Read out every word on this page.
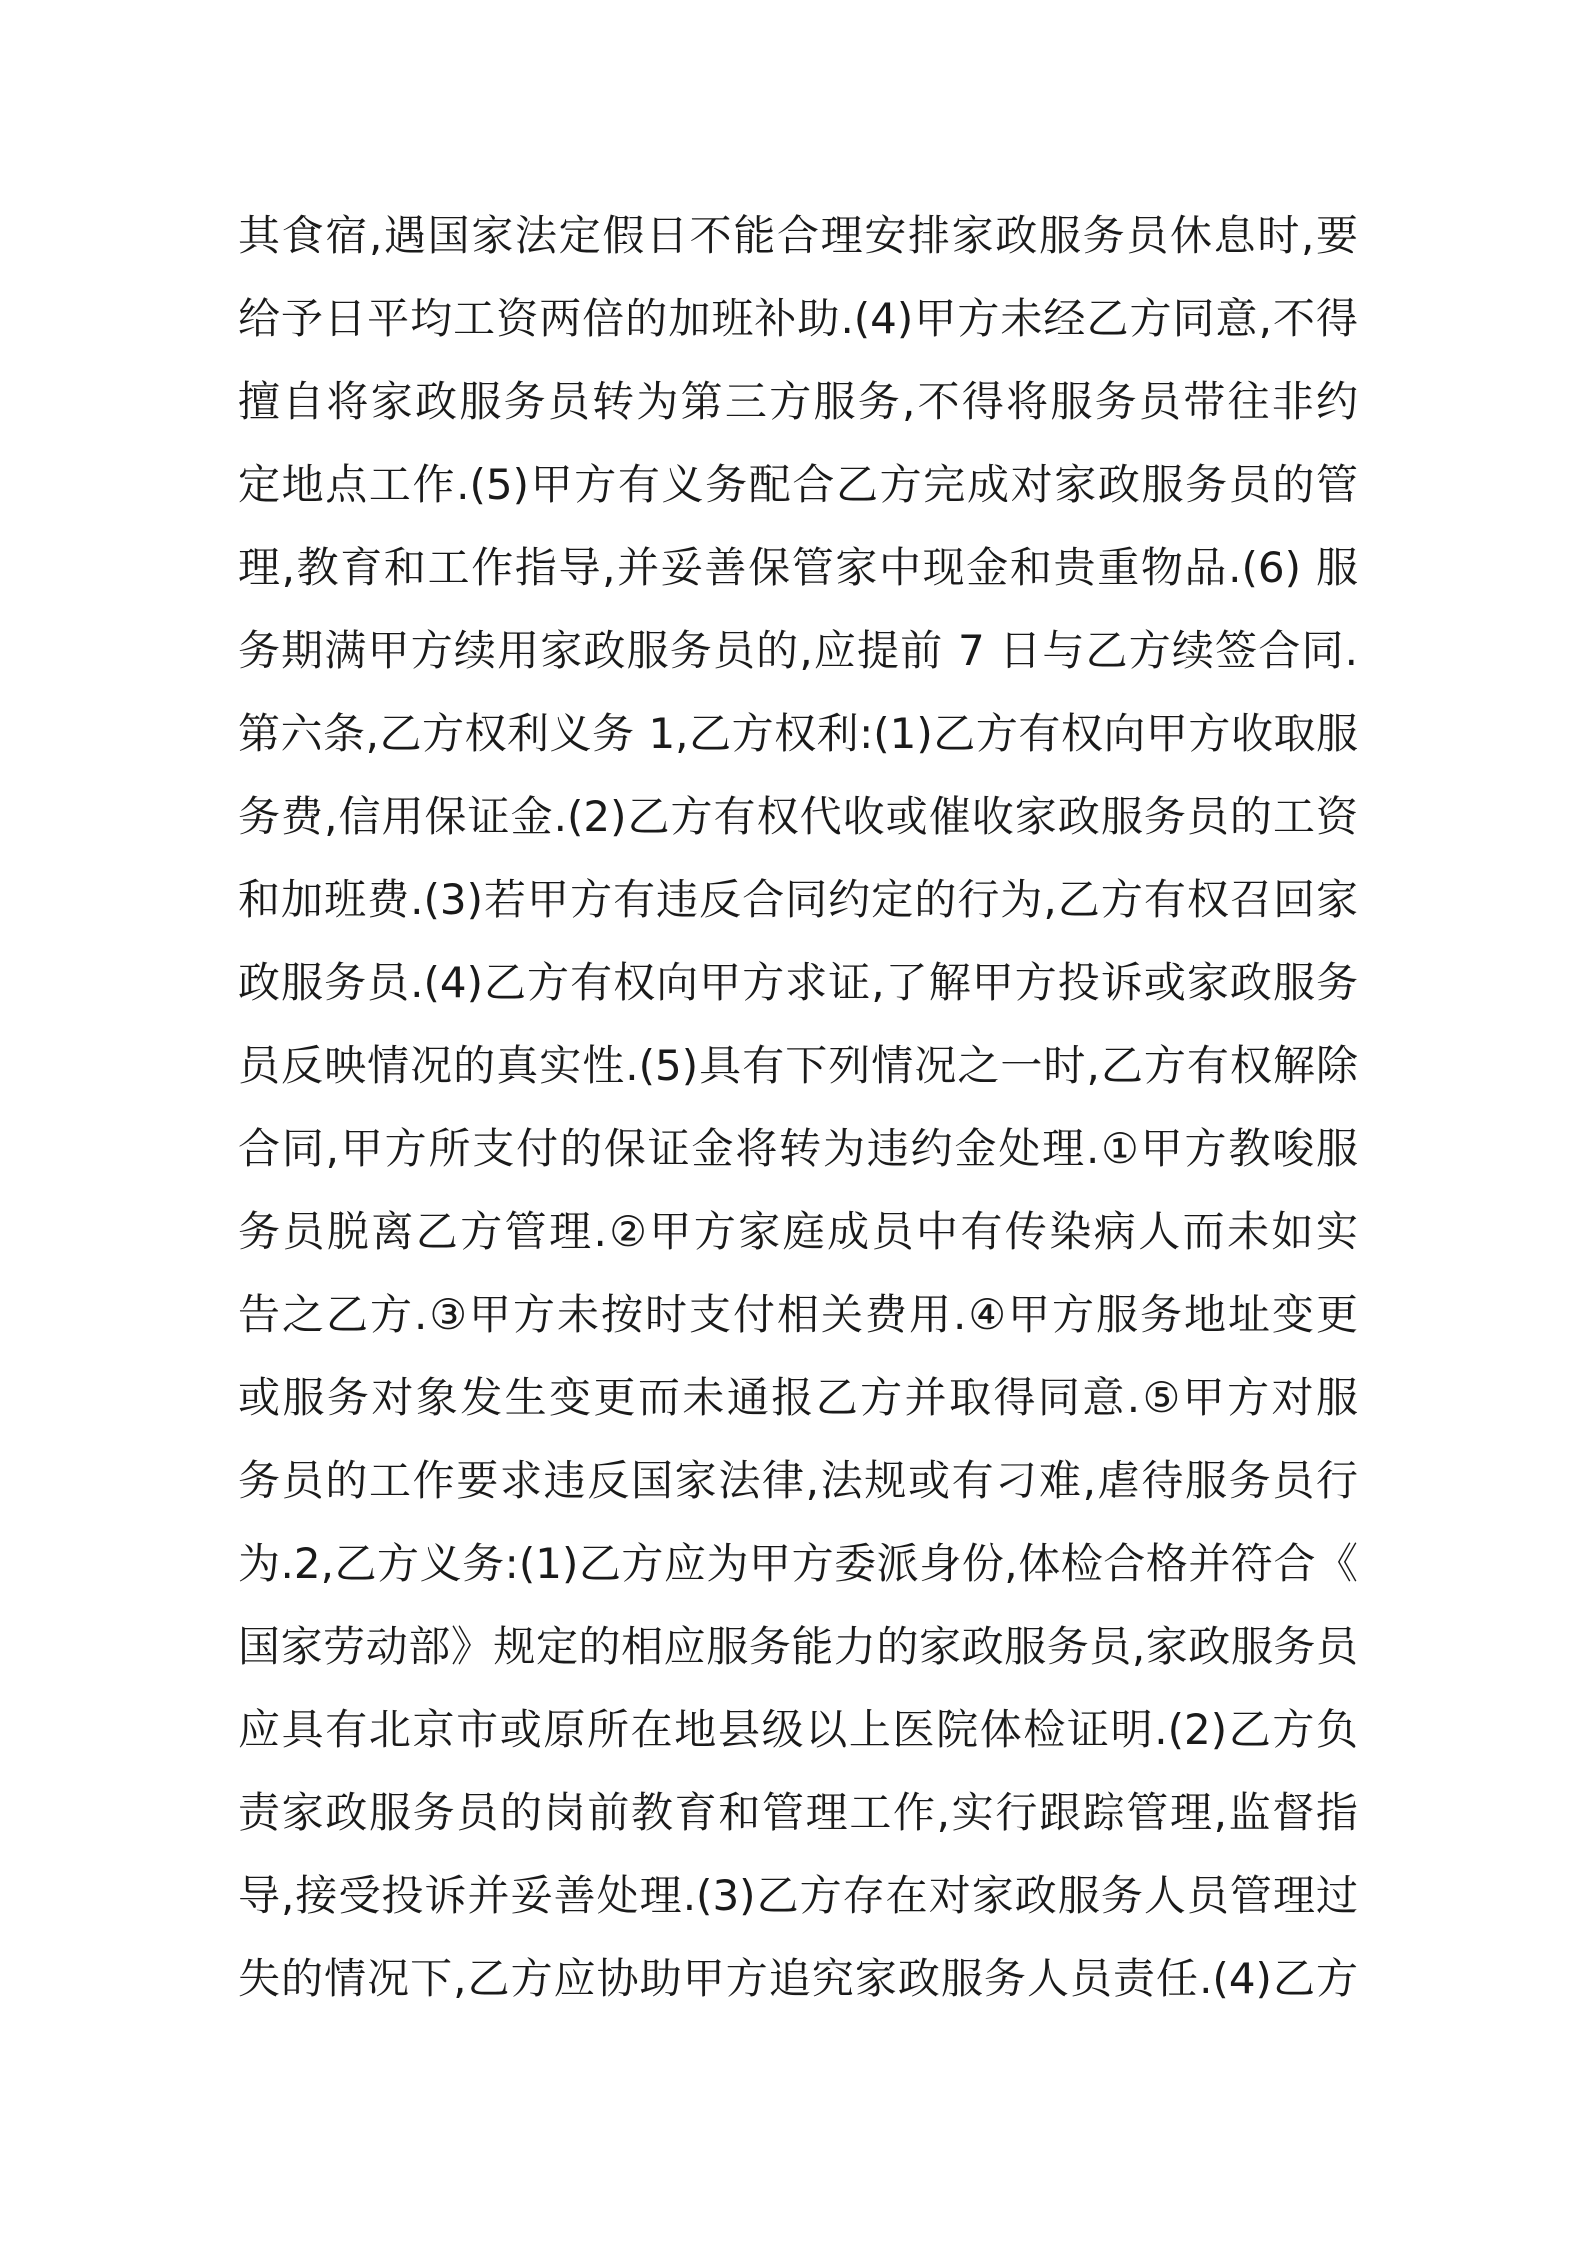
其食宿,遇国家法定假日不能合理安排家政服务员休息时,要
给予日平均工资两倍的加班补助.(4)甲方未经乙方同意,不得
擅自将家政服务员转为第三方服务,不得将服务员带往非约
定地点工作.(5)甲方有义务配合乙方完成对家政服务员的管
理,教育和工作指导,并妥善保管家中现金和贵重物品.(6) 服
务期满甲方续用家政服务员的,应提前 7 日与乙方续签合同.
第六条,乙方权利义务 1,乙方权利:(1)乙方有权向甲方收取服
务费,信用保证金.(2)乙方有权代收或催收家政服务员的工资
和加班费.(3)若甲方有违反合同约定的行为,乙方有权召回家
政服务员.(4)乙方有权向甲方求证,了解甲方投诉或家政服务
员反映情况的真实性.(5)具有下列情况之一时,乙方有权解除
合同,甲方所支付的保证金将转为违约金处理.①甲方教唆服
务员脱离乙方管理.②甲方家庭成员中有传染病人而未如实
告之乙方.③甲方未按时支付相关费用.④甲方服务地址变更
或服务对象发生变更而未通报乙方并取得同意.⑤甲方对服
务员的工作要求违反国家法律,法规或有刁难,虐待服务员行
为.2,乙方义务:(1)乙方应为甲方委派身份,体检合格并符合《
国家劳动部》规定的相应服务能力的家政服务员,家政服务员
应具有北京市或原所在地县级以上医院体检证明.(2)乙方负
责家政服务员的岗前教育和管理工作,实行跟踪管理,监督指
导,接受投诉并妥善处理.(3)乙方存在对家政服务人员管理过
失的情况下,乙方应协助甲方追究家政服务人员责任.(4)乙方
